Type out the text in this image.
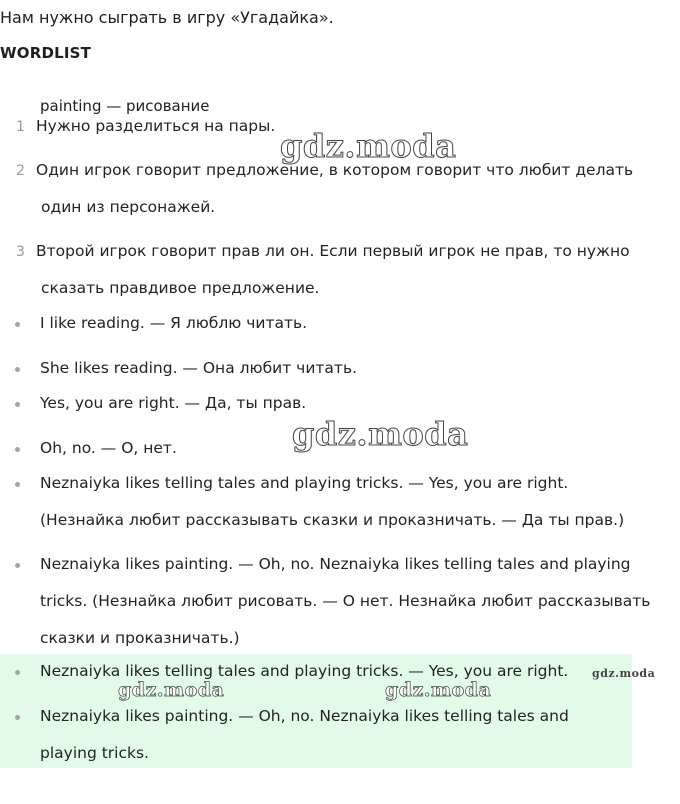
Нам нужно сыграть в игру «Угадайка».
WORDLIST
painting — рисование
1 Нужно разделиться на пары.
2 Один игрок говорит предложение, в котором говорит что любит делать
один из персонажей.
3 Второй игрок говорит прав ли он. Если первый игрок не прав, то нужно
сказать правдивое предложение.
I like reading. — Я люблю читать.
She likes reading. — Она любит читать.
Yes, you are right. — Да, ты прав.
Oh, no. — O, нет.
Neznaiyka likes telling tales and playing tricks. — Yes, you are right.
(Незнайка любит рассказывать сказки и проказничать. — Да ты прав.)
Neznaiyka likes painting. — Oh, no. Neznaiyka likes telling tales and playing
tricks. (Незнайка любит рисовать. — O нет. Незнайка любит рассказывать
сказки и проказничать.)
Neznaiyka likes telling tales and playing tricks. — Yes, you are right.
Neznaiyka likes painting. — Oh, no. Neznaiyka likes telling tales and
playing tricks.
gdz.moda
gdz.moda
gdz.moda	gdz.moda
gdz.moda
